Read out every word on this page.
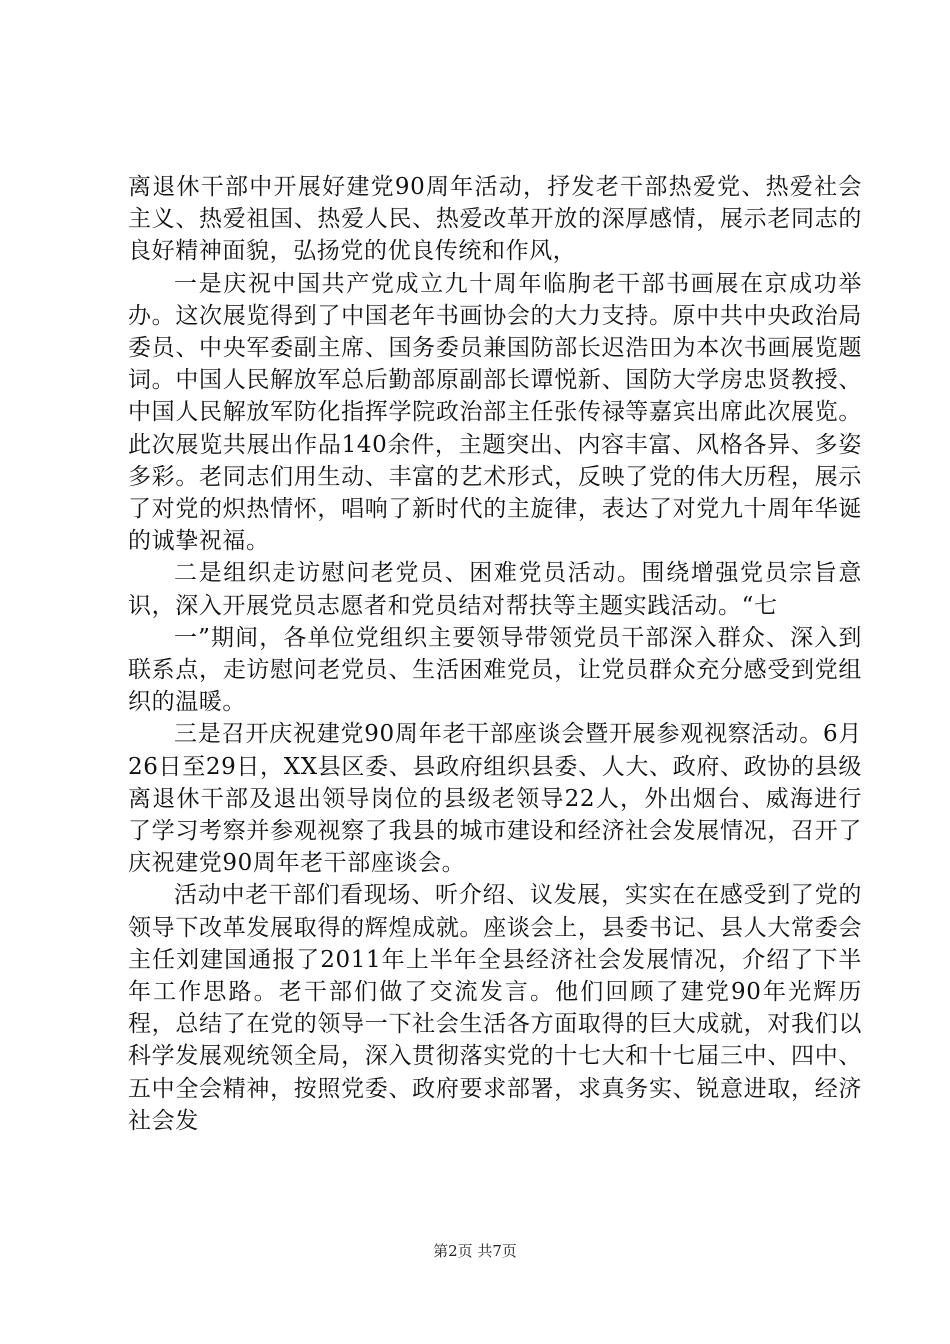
离退休干部中开展好建党90周年活动，抒发老干部热爱党、热爱社会主义、热爱祖国、热爱人民、热爱改革开放的深厚感情，展示老同志的良好精神面貌，弘扬党的优良传统和作风，

一是庆祝中国共产党成立九十周年临朐老干部书画展在京成功举办。这次展览得到了中国老年书画协会的大力支持。原中共中央政治局委员、中央军委副主席、国务委员兼国防部长迟浩田为本次书画展览题词。中国人民解放军总后勤部原副部长谭悦新、国防大学房忠贤教授、中国人民解放军防化指挥学院政治部主任张传禄等嘉宾出席此次展览。此次展览共展出作品140余件，主题突出、内容丰富、风格各异、多姿多彩。老同志们用生动、丰富的艺术形式，反映了党的伟大历程，展示了对党的炽热情怀，唱响了新时代的主旋律，表达了对党九十周年华诞的诚挚祝福。

二是组织走访慰问老党员、困难党员活动。围绕增强党员宗旨意识，深入开展党员志愿者和党员结对帮扶等主题实践活动。“七

一”期间，各单位党组织主要领导带领党员干部深入群众、深入到联系点，走访慰问老党员、生活困难党员，让党员群众充分感受到党组织的温暖。

三是召开庆祝建党90周年老干部座谈会暨开展参观视察活动。6月26日至29日，XX县区委、县政府组织县委、人大、政府、政协的县级离退休干部及退出领导岗位的县级老领导22人，外出烟台、威海进行了学习考察并参观视察了我县的城市建设和经济社会发展情况，召开了庆祝建党90周年老干部座谈会。

活动中老干部们看现场、听介绍、议发展，实实在在感受到了党的领导下改革发展取得的辉煌成就。座谈会上，县委书记、县人大常委会主任刘建国通报了2011年上半年全县经济社会发展情况，介绍了下半年工作思路。老干部们做了交流发言。他们回顾了建党90年光辉历程，总结了在党的领导一下社会生活各方面取得的巨大成就，对我们以科学发展观统领全局，深入贯彻落实党的十七大和十七届三中、四中、五中全会精神，按照党委、政府要求部署，求真务实、锐意进取，经济社会发

第2页 共7页
